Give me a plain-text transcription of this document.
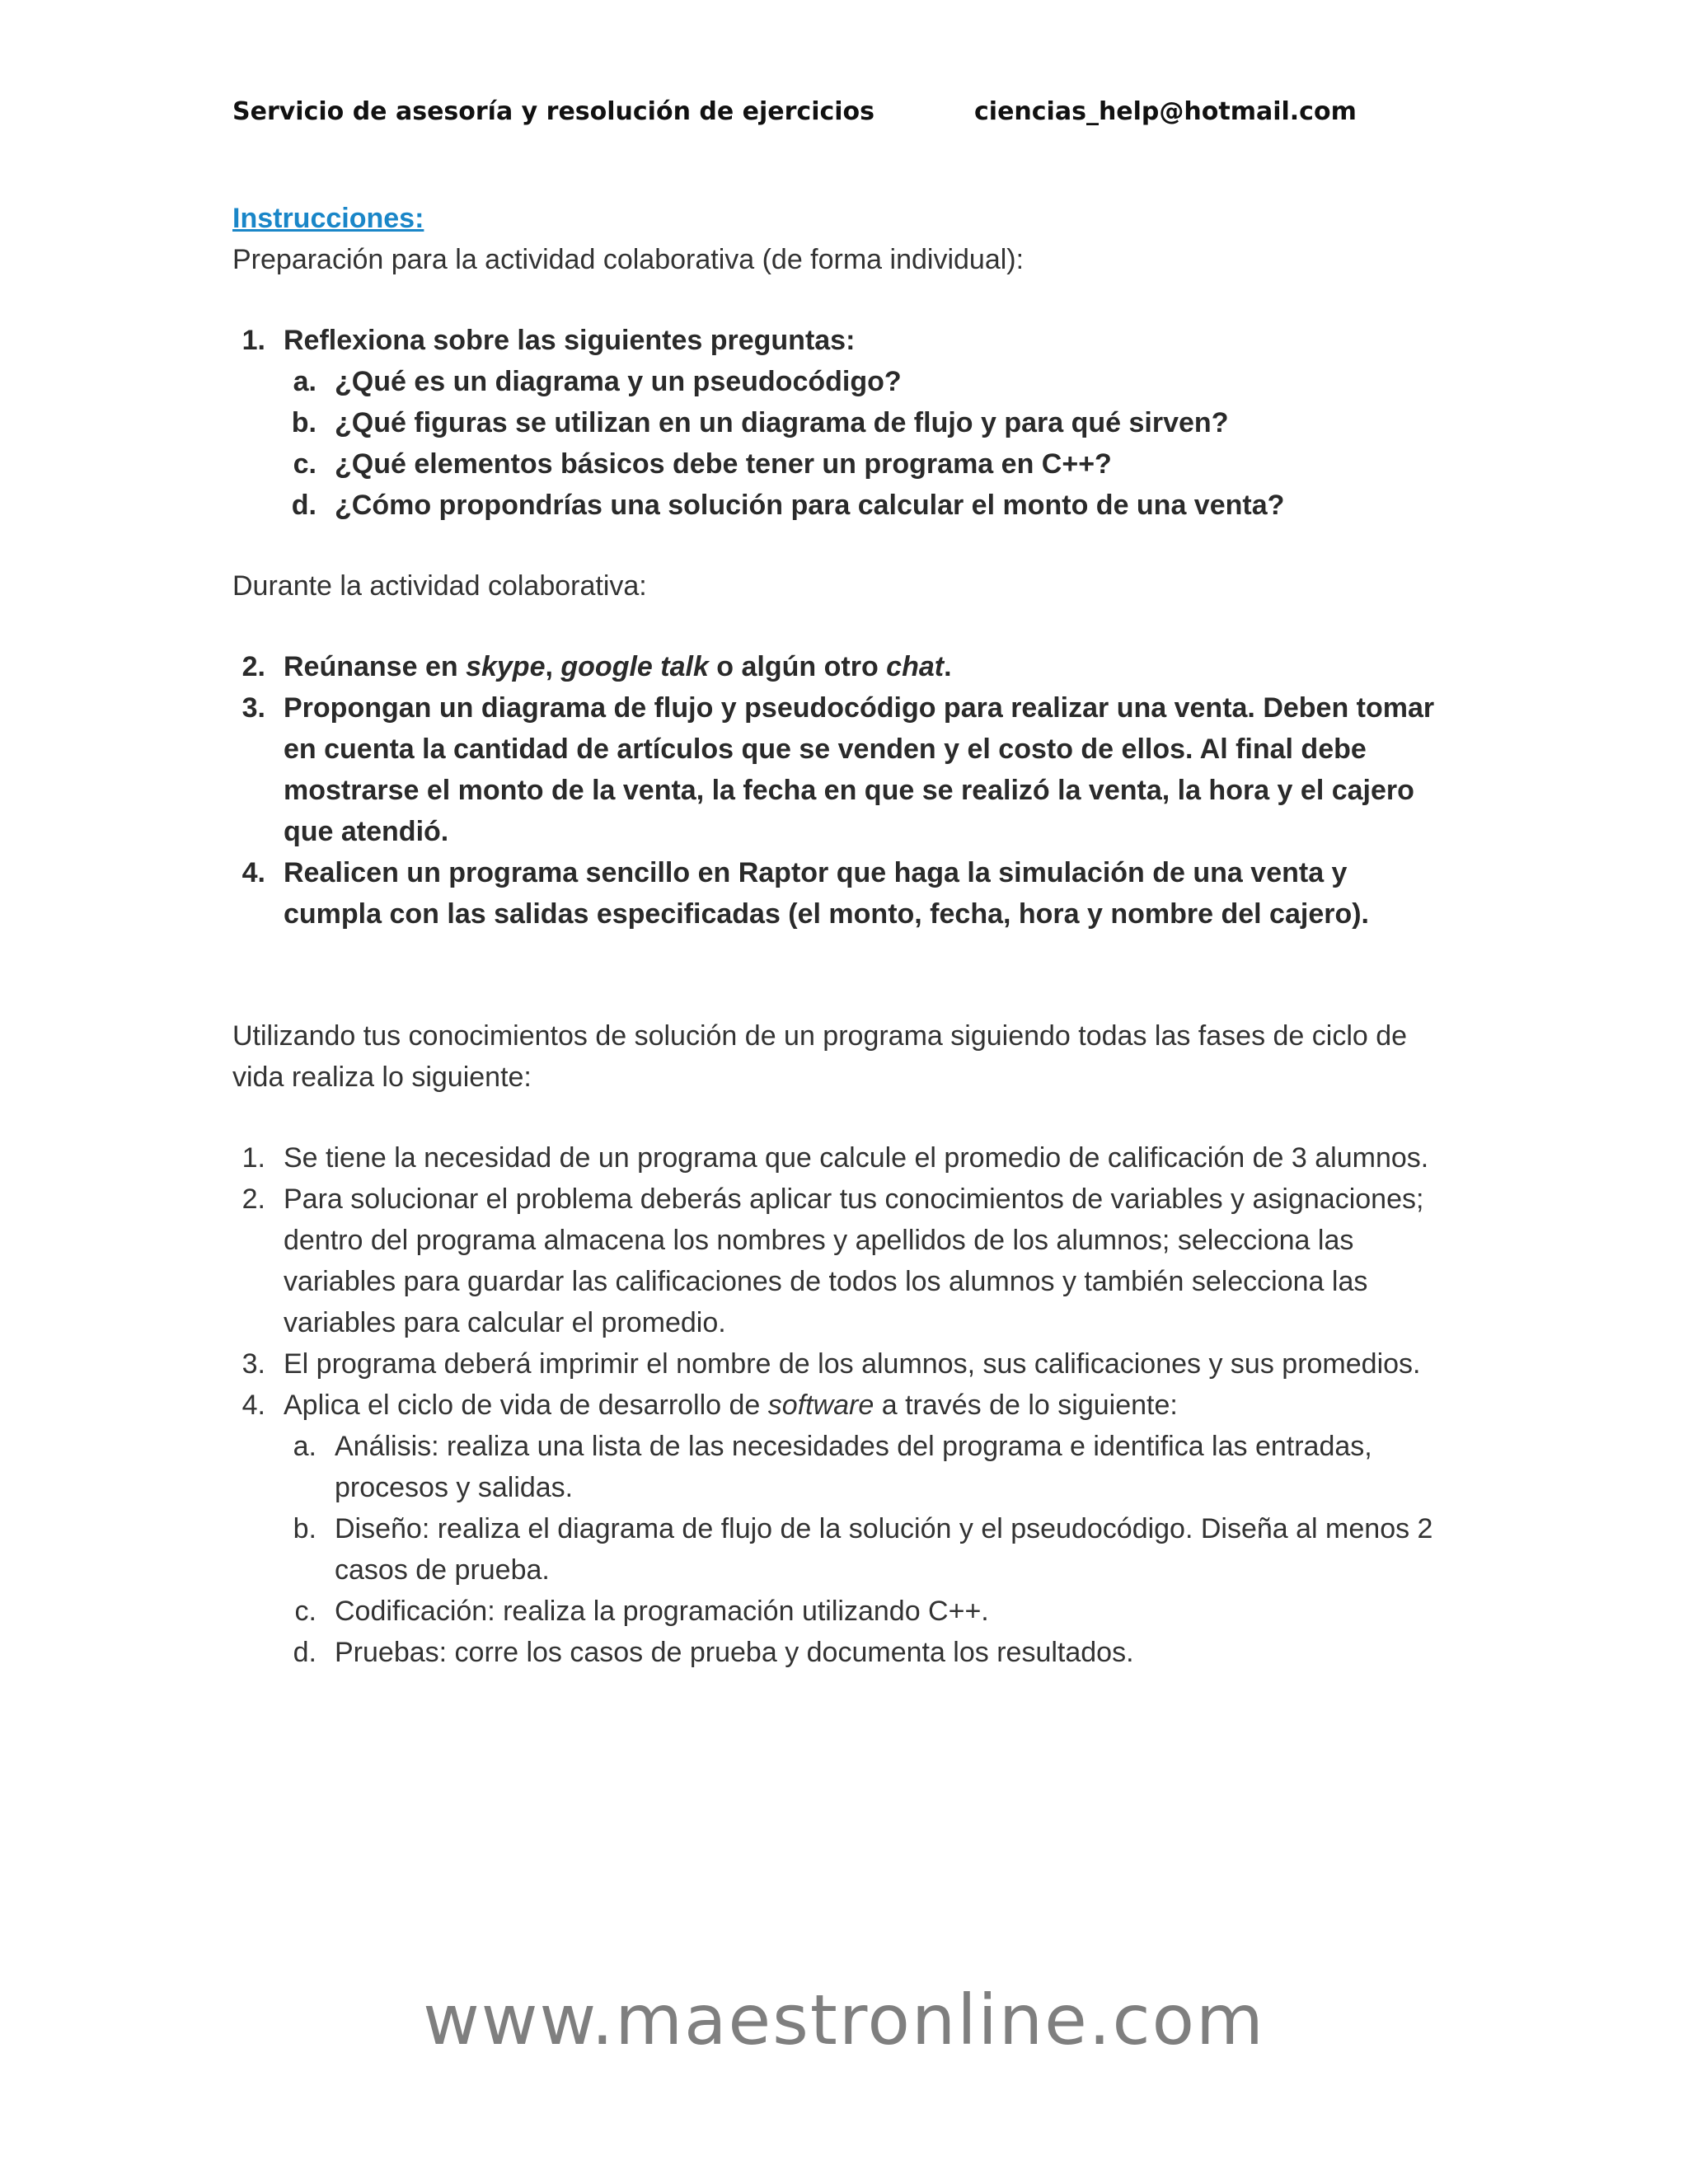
Servicio de asesoría y resolución de ejercicios	ciencias_help@hotmail.com
Instrucciones:

Preparación para la actividad colaborativa (de forma individual):

1. Reflexiona sobre las siguientes preguntas:
a. ¿Qué es un diagrama y un pseudocódigo?
b. ¿Qué figuras se utilizan en un diagrama de flujo y para qué sirven?
c. ¿Qué elementos básicos debe tener un programa en C++?
d. ¿Cómo propondrías una solución para calcular el monto de una venta?

Durante la actividad colaborativa:

2. Reúnanse en skype, google talk o algún otro chat.
3. Propongan un diagrama de flujo y pseudocódigo para realizar una venta. Deben tomar en cuenta la cantidad de artículos que se venden y el costo de ellos. Al final debe mostrarse el monto de la venta, la fecha en que se realizó la venta, la hora y el cajero que atendió.
4. Realicen un programa sencillo en Raptor que haga la simulación de una venta y cumpla con las salidas especificadas (el monto, fecha, hora y nombre del cajero).

Utilizando tus conocimientos de solución de un programa siguiendo todas las fases de ciclo de vida realiza lo siguiente:

1. Se tiene la necesidad de un programa que calcule el promedio de calificación de 3 alumnos.
2. Para solucionar el problema deberás aplicar tus conocimientos de variables y asignaciones; dentro del programa almacena los nombres y apellidos de los alumnos; selecciona las variables para guardar las calificaciones de todos los alumnos y también selecciona las variables para calcular el promedio.
3. El programa deberá imprimir el nombre de los alumnos, sus calificaciones y sus promedios.
4. Aplica el ciclo de vida de desarrollo de software a través de lo siguiente:
a. Análisis: realiza una lista de las necesidades del programa e identifica las entradas, procesos y salidas.
b. Diseño: realiza el diagrama de flujo de la solución y el pseudocódigo. Diseña al menos 2 casos de prueba.
c. Codificación: realiza la programación utilizando C++.
d. Pruebas: corre los casos de prueba y documenta los resultados.
www.maestronline.com
